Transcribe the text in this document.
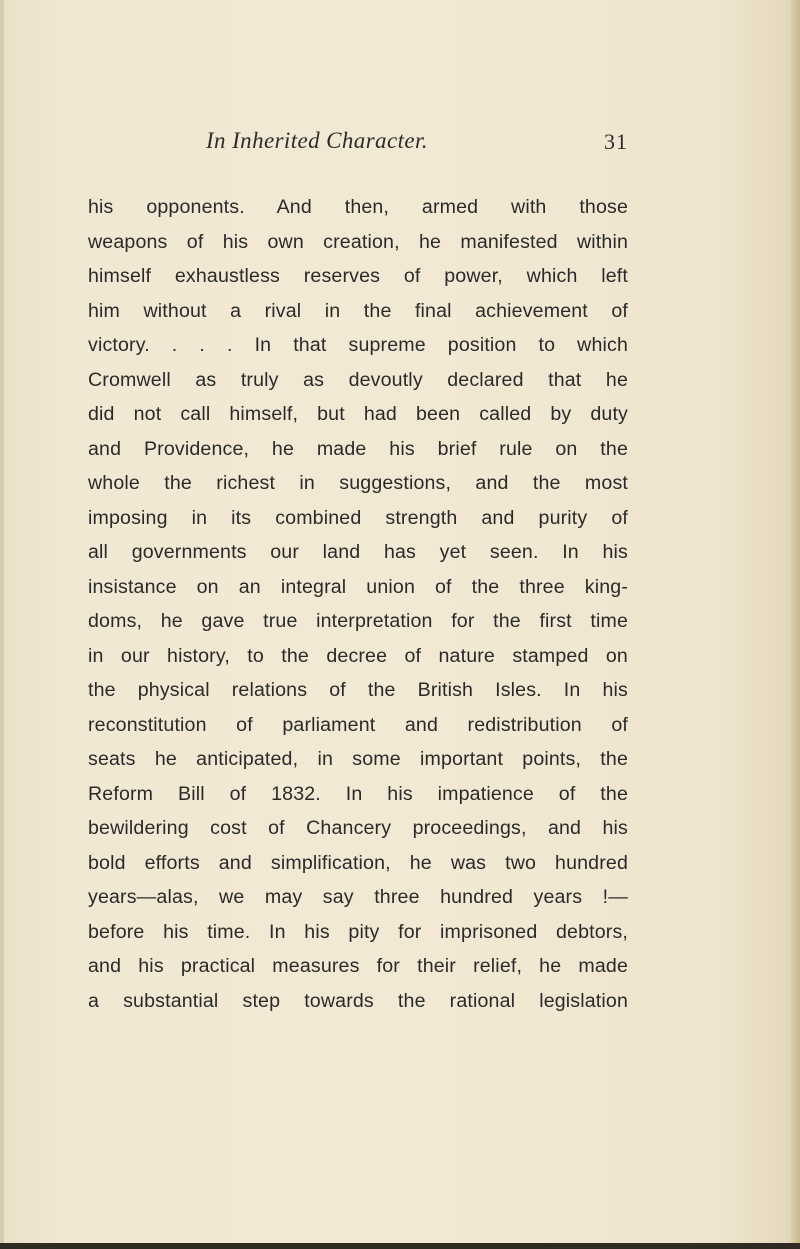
In Inherited Character.	31
his opponents. And then, armed with those
weapons of his own creation, he manifested within
himself exhaustless reserves of power, which left
him without a rival in the final achievement of
victory. . . . In that supreme position to which
Cromwell as truly as devoutly declared that he
did not call himself, but had been called by duty
and Providence, he made his brief rule on the
whole the richest in suggestions, and the most
imposing in its combined strength and purity of
all governments our land has yet seen. In his
insistance on an integral union of the three king-
doms, he gave true interpretation for the first time
in our history, to the decree of nature stamped on
the physical relations of the British Isles. In his
reconstitution of parliament and redistribution of
seats he anticipated, in some important points, the
Reform Bill of 1832. In his impatience of the
bewildering cost of Chancery proceedings, and his
bold efforts and simplification, he was two hundred
years—alas, we may say three hundred years !—
before his time. In his pity for imprisoned debtors,
and his practical measures for their relief, he made
a substantial step towards the rational legislation
